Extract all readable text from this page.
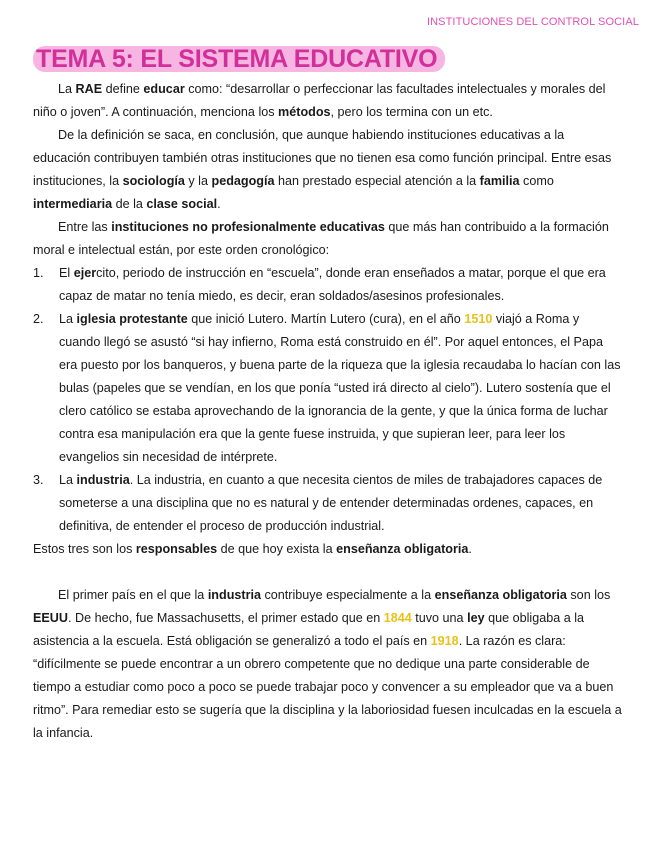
INSTITUCIONES DEL CONTROL SOCIAL
TEMA 5: EL SISTEMA EDUCATIVO

La RAE define educar como: “desarrollar o perfeccionar las facultades intelectuales y morales del niño o joven”. A continuación, menciona los métodos, pero los termina con un etc.

De la definición se saca, en conclusión, que aunque habiendo instituciones educativas a la educación contribuyen también otras instituciones que no tienen esa como función principal. Entre esas instituciones, la sociología y la pedagogía han prestado especial atención a la familia como intermediaria de la clase social.

Entre las instituciones no profesionalmente educativas que más han contribuido a la formación moral e intelectual están, por este orden cronológico:

1. El ejercito, periodo de instrucción en “escuela”, donde eran enseñados a matar, porque el que era capaz de matar no tenía miedo, es decir, eran soldados/asesinos profesionales.
2. La iglesia protestante que inició Lutero. Martín Lutero (cura), en el año 1510 viajó a Roma y cuando llegó se asustó “si hay infierno, Roma está construido en él”. Por aquel entonces, el Papa era puesto por los banqueros, y buena parte de la riqueza que la iglesia recaudaba lo hacían con las bulas (papeles que se vendían, en los que ponía “usted irá directo al cielo”). Lutero sostenía que el clero católico se estaba aprovechando de la ignorancia de la gente, y que la única forma de luchar contra esa manipulación era que la gente fuese instruida, y que supieran leer, para leer los evangelios sin necesidad de intérprete.
3. La industria. La industria, en cuanto a que necesita cientos de miles de trabajadores capaces de someterse a una disciplina que no es natural y de entender determinadas ordenes, capaces, en definitiva, de entender el proceso de producción industrial.

Estos tres son los responsables de que hoy exista la enseñanza obligatoria.

El primer país en el que la industria contribuye especialmente a la enseñanza obligatoria son los EEUU. De hecho, fue Massachusetts, el primer estado que en 1844 tuvo una ley que obligaba a la asistencia a la escuela. Está obligación se generalizó a todo el país en 1918. La razón es clara: “difícilmente se puede encontrar a un obrero competente que no dedique una parte considerable de tiempo a estudiar como poco a poco se puede trabajar poco y convencer a su empleador que va a buen ritmo”. Para remediar esto se sugería que la disciplina y la laboriosidad fuesen inculcadas en la escuela a la infancia.
